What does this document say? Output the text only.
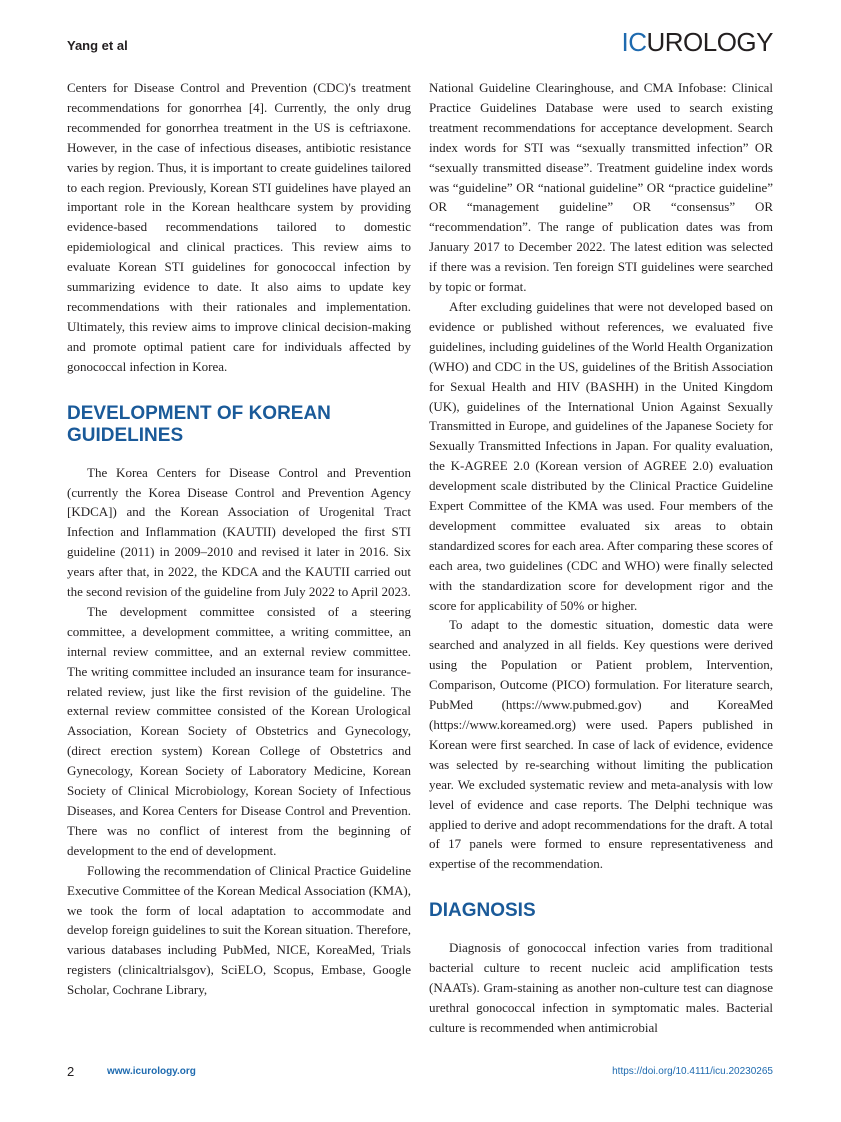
Yang et al	ICUROLOGY

Centers for Disease Control and Prevention (CDC)'s treatment recommendations for gonorrhea [4]. Currently, the only drug recommended for gonorrhea treatment in the US is ceftriaxone. However, in the case of infectious diseases, antibiotic resistance varies by region. Thus, it is important to create guidelines tailored to each region. Previously, Korean STI guidelines have played an important role in the Korean healthcare system by providing evidence-based recommendations tailored to domestic epidemiological and clinical practices. This review aims to evaluate Korean STI guidelines for gonococcal infection by summarizing evidence to date. It also aims to update key recommendations with their rationales and implementation. Ultimately, this review aims to improve clinical decision-making and promote optimal patient care for individuals affected by gonococcal infection in Korea.

DEVELOPMENT OF KOREAN GUIDELINES

The Korea Centers for Disease Control and Prevention (currently the Korea Disease Control and Prevention Agency [KDCA]) and the Korean Association of Urogenital Tract Infection and Inflammation (KAUTII) developed the first STI guideline (2011) in 2009–2010 and revised it later in 2016. Six years after that, in 2022, the KDCA and the KAUTII carried out the second revision of the guideline from July 2022 to April 2023.

The development committee consisted of a steering committee, a development committee, a writing committee, an internal review committee, and an external review committee. The writing committee included an insurance team for insurance-related review, just like the first revision of the guideline. The external review committee consisted of the Korean Urological Association, Korean Society of Obstetrics and Gynecology, (direct erection system) Korean College of Obstetrics and Gynecology, Korean Society of Laboratory Medicine, Korean Society of Clinical Microbiology, Korean Society of Infectious Diseases, and Korea Centers for Disease Control and Prevention. There was no conflict of interest from the beginning of development to the end of development.

Following the recommendation of Clinical Practice Guideline Executive Committee of the Korean Medical Association (KMA), we took the form of local adaptation to accommodate and develop foreign guidelines to suit the Korean situation. Therefore, various databases including PubMed, NICE, KoreaMed, Trials registers (clinicaltrialsgov), SciELO, Scopus, Embase, Google Scholar, Cochrane Library,

National Guideline Clearinghouse, and CMA Infobase: Clinical Practice Guidelines Database were used to search existing treatment recommendations for acceptance development. Search index words for STI was “sexually transmitted infection” OR “sexually transmitted disease”. Treatment guideline index words was “guideline” OR “national guideline” OR “practice guideline” OR “management guideline” OR “consensus” OR “recommendation”. The range of publication dates was from January 2017 to December 2022. The latest edition was selected if there was a revision. Ten foreign STI guidelines were searched by topic or format.

After excluding guidelines that were not developed based on evidence or published without references, we evaluated five guidelines, including guidelines of the World Health Organization (WHO) and CDC in the US, guidelines of the British Association for Sexual Health and HIV (BASHH) in the United Kingdom (UK), guidelines of the International Union Against Sexually Transmitted in Europe, and guidelines of the Japanese Society for Sexually Transmitted Infections in Japan. For quality evaluation, the K-AGREE 2.0 (Korean version of AGREE 2.0) evaluation development scale distributed by the Clinical Practice Guideline Expert Committee of the KMA was used. Four members of the development committee evaluated six areas to obtain standardized scores for each area. After comparing these scores of each area, two guidelines (CDC and WHO) were finally selected with the standardization score for development rigor and the score for applicability of 50% or higher.

To adapt to the domestic situation, domestic data were searched and analyzed in all fields. Key questions were derived using the Population or Patient problem, Intervention, Comparison, Outcome (PICO) formulation. For literature search, PubMed (https://www.pubmed.gov) and KoreaMed (https://www.koreamed.org) were used. Papers published in Korean were first searched. In case of lack of evidence, evidence was selected by re-searching without limiting the publication year. We excluded systematic review and meta-analysis with low level of evidence and case reports. The Delphi technique was applied to derive and adopt recommendations for the draft. A total of 17 panels were formed to ensure representativeness and expertise of the recommendation.

DIAGNOSIS

Diagnosis of gonococcal infection varies from traditional bacterial culture to recent nucleic acid amplification tests (NAATs). Gram-staining as another non-culture test can diagnose urethral gonococcal infection in symptomatic males. Bacterial culture is recommended when antimicrobial

2	www.icurology.org	https://doi.org/10.4111/icu.20230265
